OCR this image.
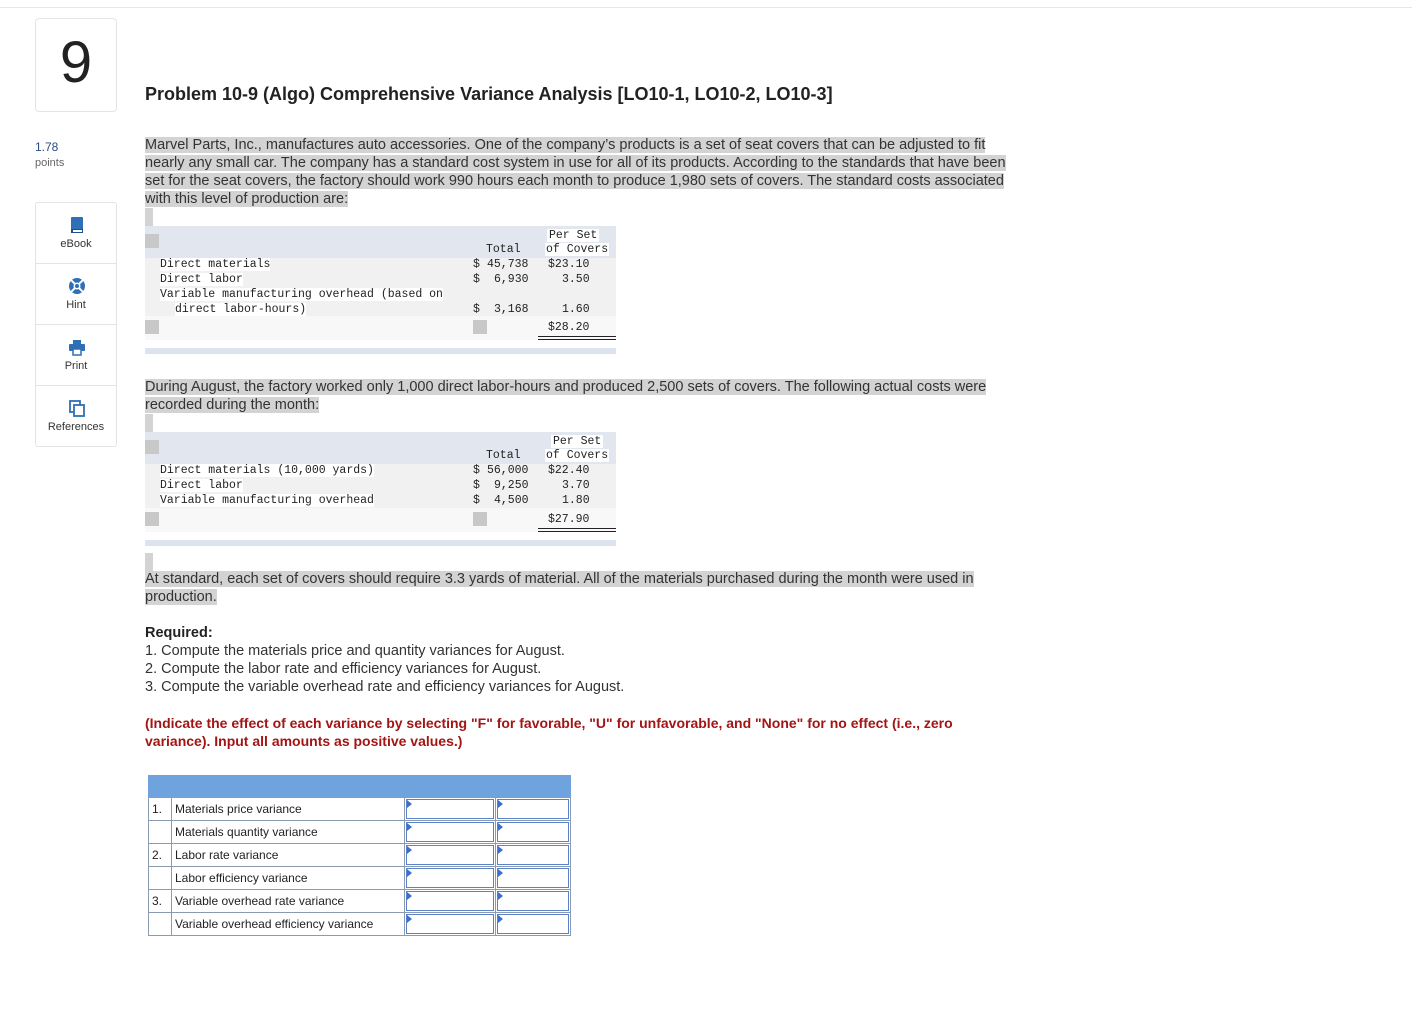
9
1.78
points
eBook
Hint
Print
References
Problem 10-9 (Algo) Comprehensive Variance Analysis [LO10-1, LO10-2, LO10-3]
Marvel Parts, Inc., manufactures auto accessories. One of the company’s products is a set of seat covers that can be adjusted to fit
nearly any small car. The company has a standard cost system in use for all of its products. According to the standards that have been
set for the seat covers, the factory should work 990 hours each month to produce 1,980 sets of covers. The standard costs associated
with this level of production are:
Per Set
Total of Covers
Direct materials	$ 45,738 $23.10
Direct labor	$ 6,930	3.50
Variable manufacturing overhead (based on
direct labor-hours)	$ 3,168	1.60
$28.20
During August, the factory worked only 1,000 direct labor-hours and produced 2,500 sets of covers. The following actual costs were
recorded during the month:
Per Set
Total of Covers
Direct materials (10,000 yards)	$ 56,000 $22.40
Direct labor	$ 9,250	3.70
Variable manufacturing overhead	$ 4,500	1.80
$27.90
At standard, each set of covers should require 3.3 yards of material. All of the materials purchased during the month were used in
production.
Required:
1. Compute the materials price and quantity variances for August.
2. Compute the labor rate and efficiency variances for August.
3. Compute the variable overhead rate and efficiency variances for August.
(Indicate the effect of each variance by selecting "F" for favorable, "U" for unfavorable, and "None" for no effect (i.e., zero
variance). Input all amounts as positive values.)

1.	Materials price variance	

	Materials quantity variance	

2.	Labor rate variance	

	Labor efficiency variance	

3.	Variable overhead rate variance	

	Variable overhead efficiency variance	
